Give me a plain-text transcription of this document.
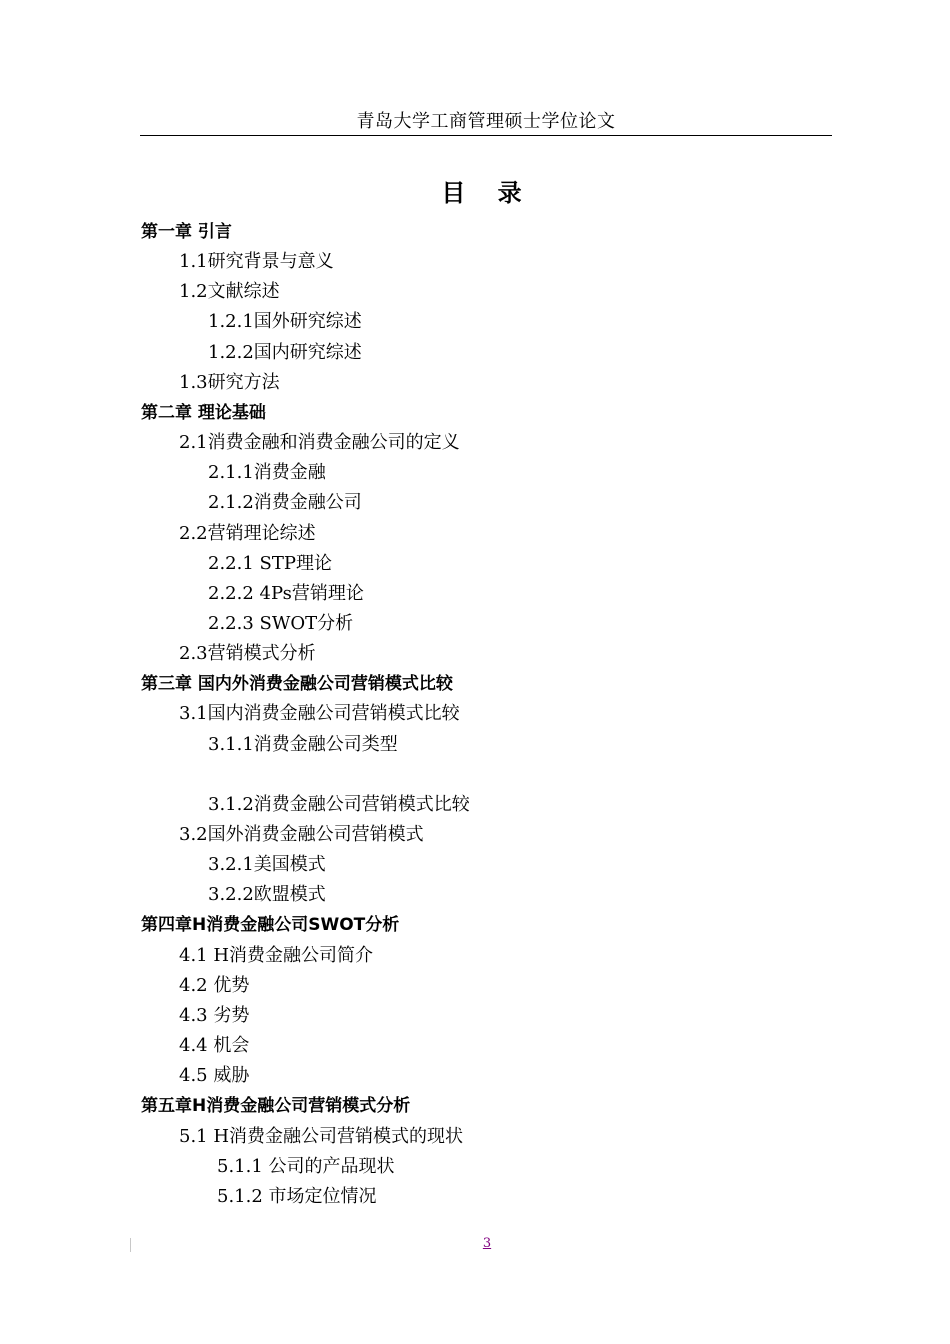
青岛大学工商管理硕士学位论文
目 录
第一章 引言
1.1研究背景与意义
1.2文献综述
1.2.1国外研究综述
1.2.2国内研究综述
1.3研究方法
第二章 理论基础
2.1消费金融和消费金融公司的定义
2.1.1消费金融
2.1.2消费金融公司
2.2营销理论综述
2.2.1 STP理论
2.2.2 4Ps营销理论
2.2.3 SWOT分析
2.3营销模式分析
第三章 国内外消费金融公司营销模式比较
3.1国内消费金融公司营销模式比较
3.1.1消费金融公司类型
3.1.2消费金融公司营销模式比较
3.2国外消费金融公司营销模式
3.2.1美国模式
3.2.2欧盟模式
第四章H消费金融公司SWOT分析
4.1 H消费金融公司简介
4.2 优势
4.3 劣势
4.4 机会
4.5 威胁
第五章H消费金融公司营销模式分析
5.1 H消费金融公司营销模式的现状
5.1.1 公司的产品现状
5.1.2 市场定位情况
3
